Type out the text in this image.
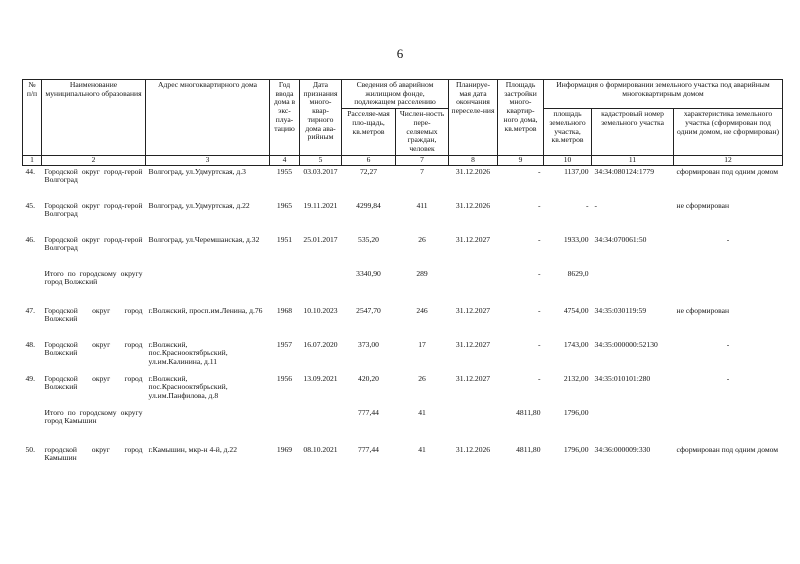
6
№ п/п	Наименование муниципального образования	Адрес многоквартирного дома	Год ввода дома в экс-плуа-тацию	Дата признания много-квар-тирного дома ава-рийным	Сведения об аварийном жилищном фонде, подлежащем расселению		Планируе-мая дата окончания переселе-ния	Площадь застройки много-квартир-ного дома, кв.метров	Информация о формировании земельного участка под аварийным многоквартирным домом		
					Расселяе-мая пло-щадь, кв.метров	Числен-ность пере-селяемых граждан, человек			площадь земельного участка, кв.метров	кадастровый номер земельного участка	характеристика земельного участка (сформирован под одним домом, не сформирован)
1	2	3	4	5	6	7	8	9	10	11	12
44.	Городской округ город-герой Волгоград	Волгоград, ул.Удмуртская, д.3	1955	03.03.2017	72,27	7	31.12.2026	-	1137,00	34:34:080124:1779	сформирован под одним домом
45.	Городской округ город-герой Волгоград	Волгоград, ул.Удмуртская, д.22	1965	19.11.2021	4299,84	411	31.12.2026	-	-	-	не сформирован
46.	Городской округ город-герой Волгоград	Волгоград, ул.Черемшанская, д.32	1951	25.01.2017	535,20	26	31.12.2027	-	1933,00	34:34:070061:50	-
	Итого по городскому округу город Волжский				3340,90	289		-	8629,0		
47.	Городской округ город Волжский	г.Волжский, просп.им.Ленина, д.76	1968	10.10.2023	2547,70	246	31.12.2027	-	4754,00	34:35:030119:59	не сформирован
48.	Городской округ город Волжский	г.Волжский, пос.Краснооктябрьский, ул.им.Калинина, д.11	1957	16.07.2020	373,00	17	31.12.2027	-	1743,00	34:35:000000:52130	-
49.	Городской округ город Волжский	г.Волжский, пос.Краснооктябрьский, ул.им.Панфилова, д.8	1956	13.09.2021	420,20	26	31.12.2027	-	2132,00	34:35:010101:280	-
	Итого по городскому округу город Камышин				777,44	41		4811,80	1796,00		
50.	городской округ город Камышин	г.Камышин, мкр-н 4-й, д.22	1969	08.10.2021	777,44	41	31.12.2026	4811,80	1796,00	34:36:000009:330	сформирован под одним домом
